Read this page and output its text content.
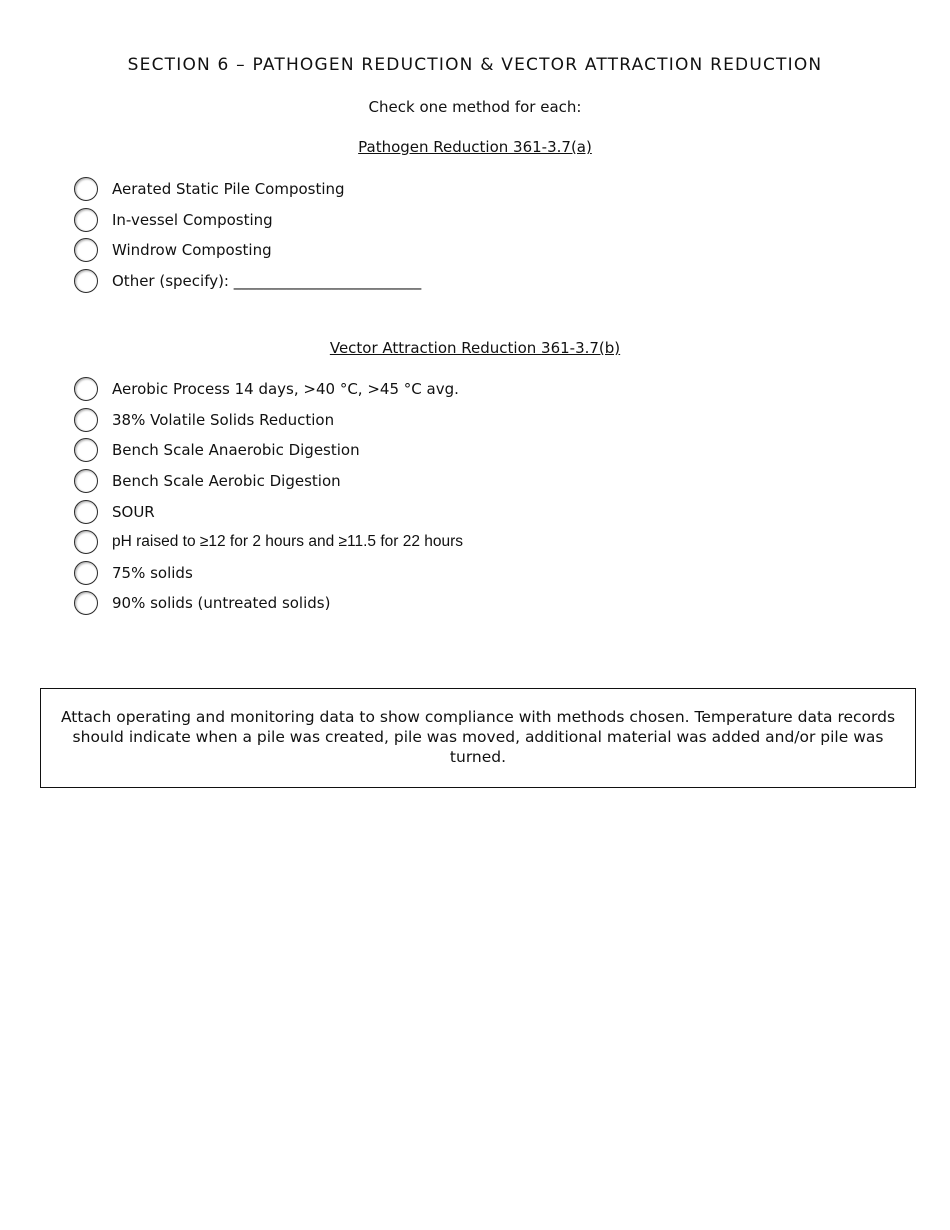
SECTION 6 – PATHOGEN REDUCTION & VECTOR ATTRACTION REDUCTION
Check one method for each:
Pathogen Reduction 361-3.7(a)
Aerated Static Pile Composting
In-vessel Composting
Windrow Composting
Other (specify): _________________________
Vector Attraction Reduction 361-3.7(b)
Aerobic Process 14 days, >40 °C, >45 °C avg.
38% Volatile Solids Reduction
Bench Scale Anaerobic Digestion
Bench Scale Aerobic Digestion
SOUR
pH raised to ≥12 for 2 hours and ≥11.5 for 22 hours
75% solids
90% solids (untreated solids)
Attach operating and monitoring data to show compliance with methods chosen. Temperature data records should indicate when a pile was created, pile was moved, additional material was added and/or pile was turned.
